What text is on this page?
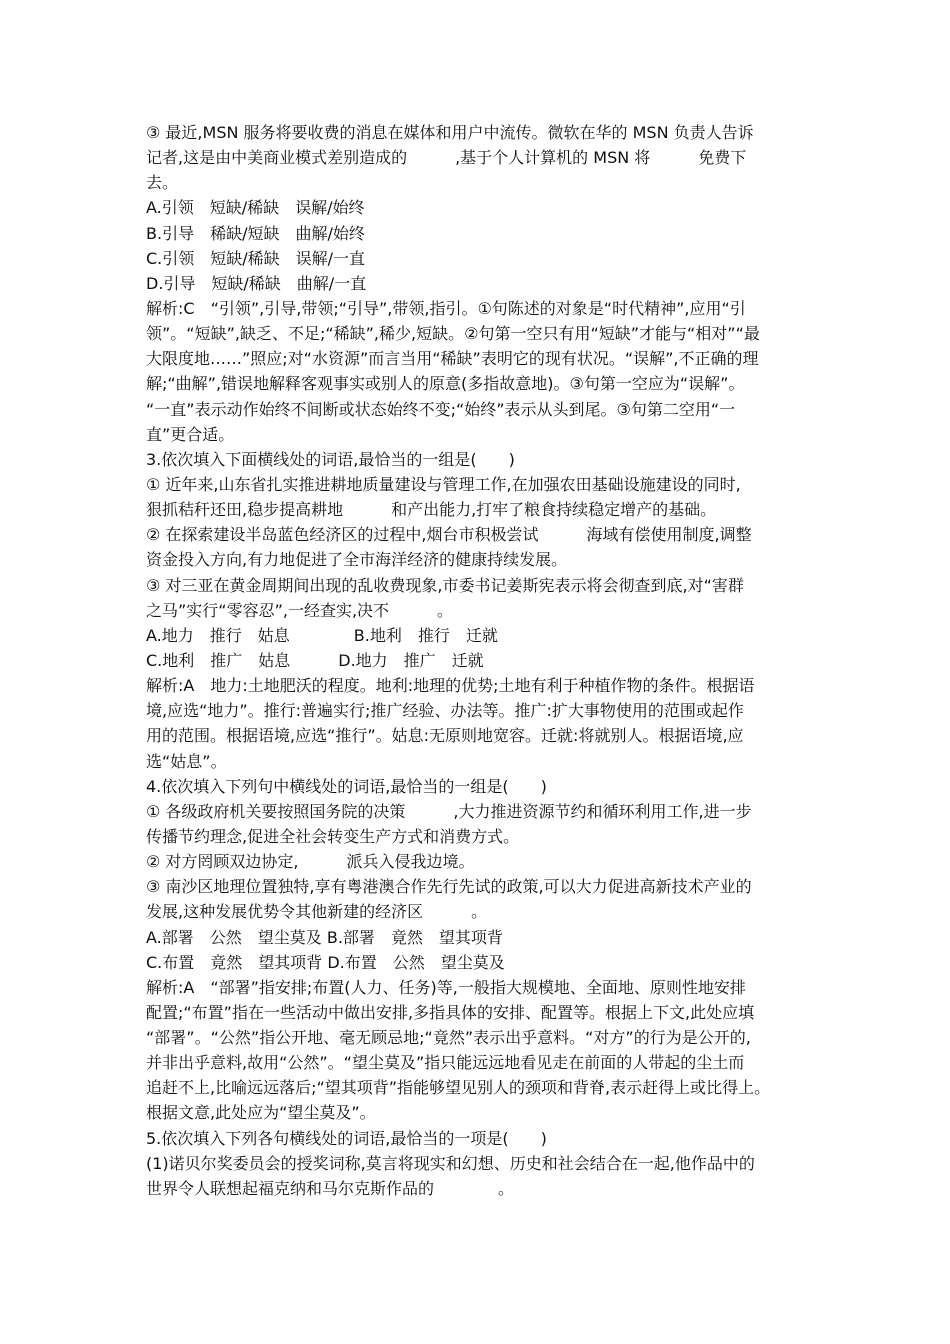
③ 最近,MSN 服务将要收费的消息在媒体和用户中流传。微软在华的 MSN 负责人告诉
记者,这是由中美商业模式差别造成的　　　,基于个人计算机的 MSN 将　　　免费下
去。
A.引领　短缺/稀缺　误解/始终
B.引导　稀缺/短缺　曲解/始终
C.引领　短缺/稀缺　误解/一直
D.引导　短缺/稀缺　曲解/一直
解析:C　“引领”,引导,带领;“引导”,带领,指引。①句陈述的对象是“时代精神”,应用“引
领”。“短缺”,缺乏、不足;“稀缺”,稀少,短缺。②句第一空只有用“短缺”才能与“相对”“最
大限度地……”照应;对“水资源”而言当用“稀缺”表明它的现有状况。“误解”,不正确的理
解;“曲解”,错误地解释客观事实或别人的原意(多指故意地)。③句第一空应为“误解”。
“一直”表示动作始终不间断或状态始终不变;“始终”表示从头到尾。③句第二空用“一
直”更合适。
3.依次填入下面横线处的词语,最恰当的一组是(　　)
① 近年来,山东省扎实推进耕地质量建设与管理工作,在加强农田基础设施建设的同时,
狠抓秸秆还田,稳步提高耕地　　　和产出能力,打牢了粮食持续稳定增产的基础。
② 在探索建设半岛蓝色经济区的过程中,烟台市积极尝试　　　海域有偿使用制度,调整
资金投入方向,有力地促进了全市海洋经济的健康持续发展。
③ 对三亚在黄金周期间出现的乱收费现象,市委书记姜斯宪表示将会彻查到底,对“害群
之马”实行“零容忍”,一经查实,决不　　　。
A.地力　推行　姑息　　　　B.地利　推行　迁就
C.地利　推广　姑息　　　D.地力　推广　迁就
解析:A　地力:土地肥沃的程度。地利:地理的优势;土地有利于种植作物的条件。根据语
境,应选“地力”。推行:普遍实行;推广经验、办法等。推广:扩大事物使用的范围或起作
用的范围。根据语境,应选“推行”。姑息:无原则地宽容。迁就:将就别人。根据语境,应
选“姑息”。
4.依次填入下列句中横线处的词语,最恰当的一组是(　　)
① 各级政府机关要按照国务院的决策　　　,大力推进资源节约和循环利用工作,进一步
传播节约理念,促进全社会转变生产方式和消费方式。
② 对方罔顾双边协定,　　　派兵入侵我边境。
③ 南沙区地理位置独特,享有粤港澳合作先行先试的政策,可以大力促进高新技术产业的
发展,这种发展优势令其他新建的经济区　　　。
A.部署　公然　望尘莫及 B.部署　竟然　望其项背
C.布置　竟然　望其项背 D.布置　公然　望尘莫及
解析:A　“部署”指安排;布置(人力、任务)等,一般指大规模地、全面地、原则性地安排
配置;“布置”指在一些活动中做出安排,多指具体的安排、配置等。根据上下文,此处应填
“部署”。“公然”指公开地、毫无顾忌地;“竟然”表示出乎意料。“对方”的行为是公开的,
并非出乎意料,故用“公然”。“望尘莫及”指只能远远地看见走在前面的人带起的尘土而
追赶不上,比喻远远落后;“望其项背”指能够望见别人的颈项和背脊,表示赶得上或比得上。
根据文意,此处应为“望尘莫及”。
5.依次填入下列各句横线处的词语,最恰当的一项是(　　)
(1)诺贝尔奖委员会的授奖词称,莫言将现实和幻想、历史和社会结合在一起,他作品中的
世界令人联想起福克纳和马尔克斯作品的　　　　。
